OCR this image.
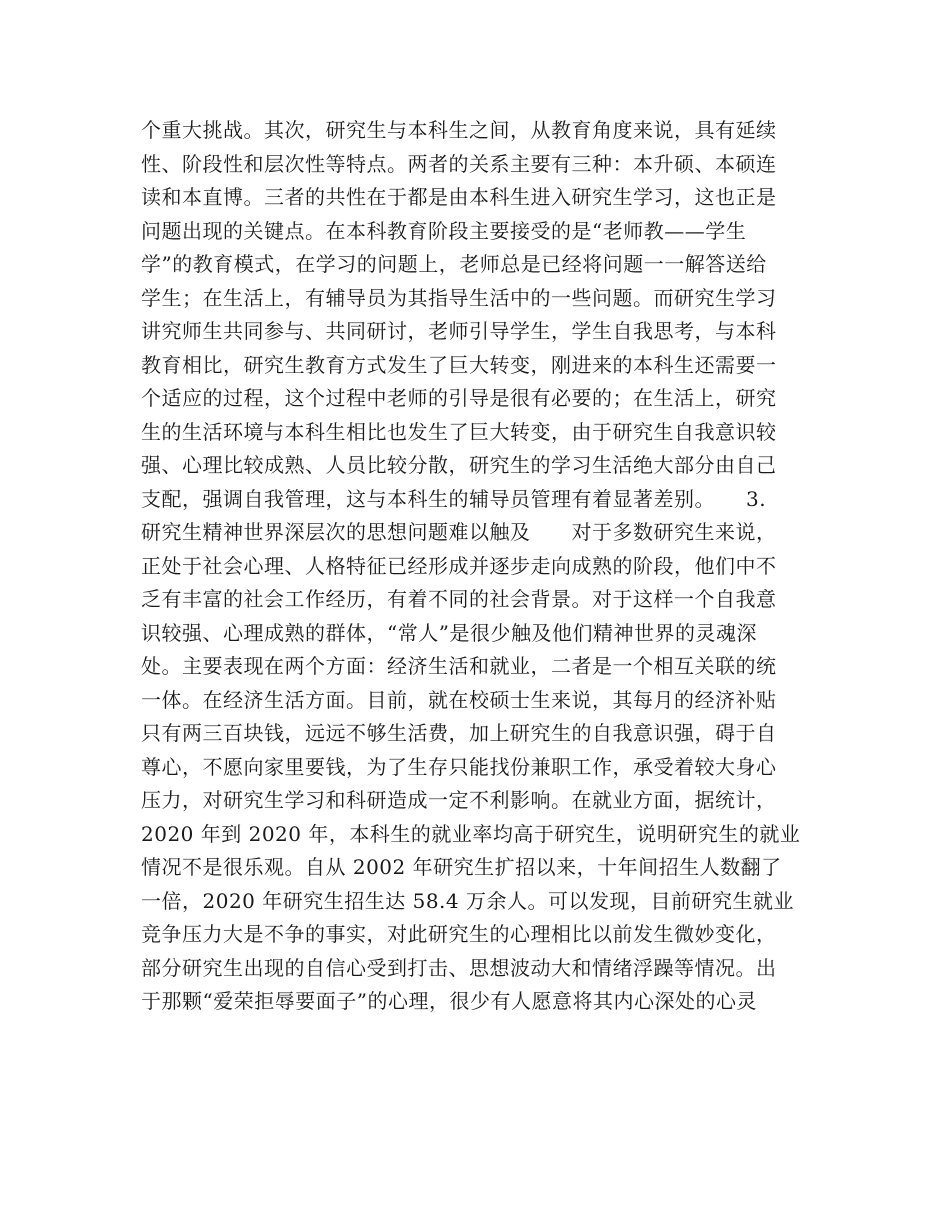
个重大挑战。其次，研究生与本科生之间，从教育角度来说，具有延续
性、阶段性和层次性等特点。两者的关系主要有三种：本升硕、本硕连
读和本直博。三者的共性在于都是由本科生进入研究生学习，这也正是
问题出现的关键点。在本科教育阶段主要接受的是“老师教——学生
学”的教育模式，在学习的问题上，老师总是已经将问题一一解答送给
学生；在生活上，有辅导员为其指导生活中的一些问题。而研究生学习
讲究师生共同参与、共同研讨，老师引导学生，学生自我思考，与本科
教育相比，研究生教育方式发生了巨大转变，刚进来的本科生还需要一
个适应的过程，这个过程中老师的引导是很有必要的；在生活上，研究
生的生活环境与本科生相比也发生了巨大转变，由于研究生自我意识较
强、心理比较成熟、人员比较分散，研究生的学习生活绝大部分由自己
支配，强调自我管理，这与本科生的辅导员管理有着显著差别。　　3.
研究生精神世界深层次的思想问题难以触及　　对于多数研究生来说，
正处于社会心理、人格特征已经形成并逐步走向成熟的阶段，他们中不
乏有丰富的社会工作经历，有着不同的社会背景。对于这样一个自我意
识较强、心理成熟的群体，“常人”是很少触及他们精神世界的灵魂深
处。主要表现在两个方面：经济生活和就业，二者是一个相互关联的统
一体。在经济生活方面。目前，就在校硕士生来说，其每月的经济补贴
只有两三百块钱，远远不够生活费，加上研究生的自我意识强，碍于自
尊心，不愿向家里要钱，为了生存只能找份兼职工作，承受着较大身心
压力，对研究生学习和科研造成一定不利影响。在就业方面，据统计，
2020 年到 2020 年，本科生的就业率均高于研究生，说明研究生的就业
情况不是很乐观。自从 2002 年研究生扩招以来，十年间招生人数翻了
一倍，2020 年研究生招生达 58.4 万余人。可以发现，目前研究生就业
竞争压力大是不争的事实，对此研究生的心理相比以前发生微妙变化，
部分研究生出现的自信心受到打击、思想波动大和情绪浮躁等情况。出
于那颗“爱荣拒辱要面子”的心理，很少有人愿意将其内心深处的心灵
